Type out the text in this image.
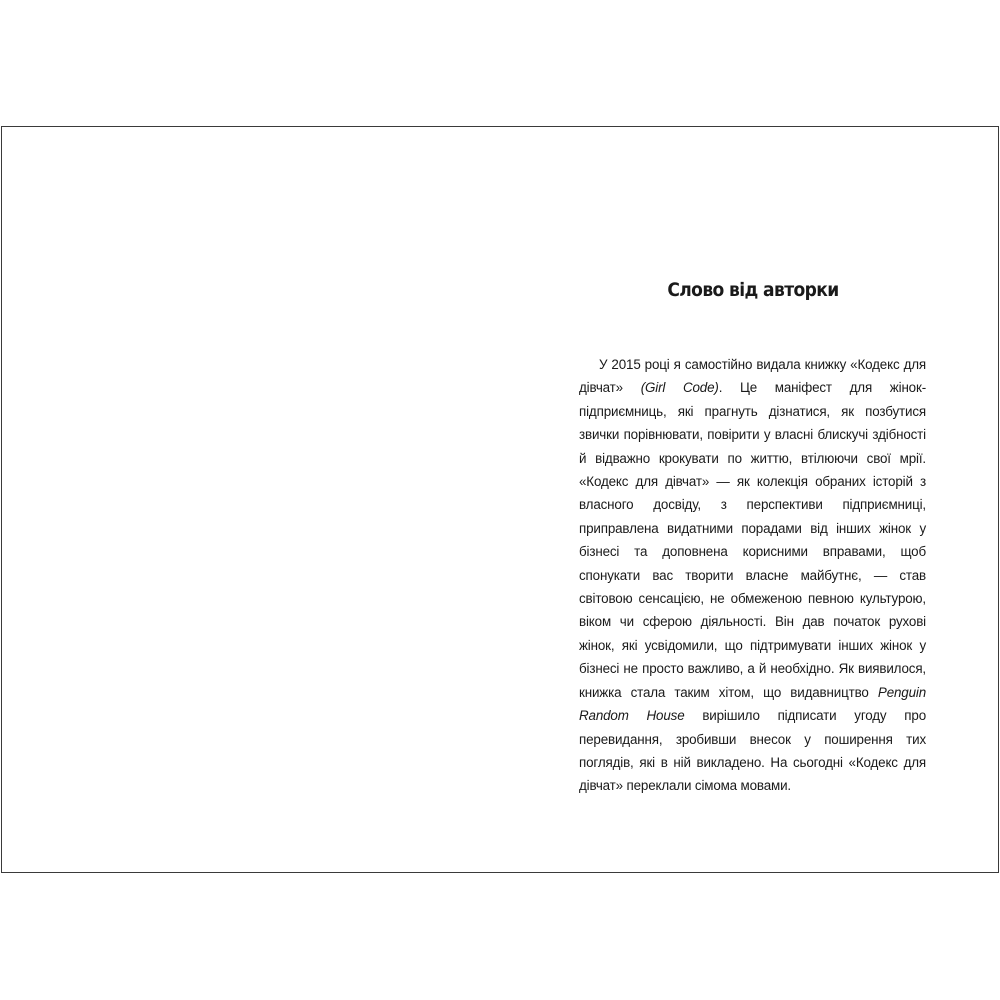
Слово від авторки

У 2015 році я самостійно видала книжку «Кодекс для дівчат» (Girl Code). Це маніфест для жінок-підприємниць, які прагнуть дізнатися, як позбутися звички порівнювати, повірити у власні блискучі здібності й відважно крокувати по життю, втілюючи свої мрії. «Кодекс для дівчат» — як колекція обраних історій з власного досвіду, з перспективи підприємниці, приправлена видатними порадами від інших жінок у бізнесі та доповнена корисними вправами, щоб спонукати вас творити власне майбутнє, — став світовою сенсацією, не обмеженою певною культурою, віком чи сферою діяльності. Він дав початок руховi жінок, які усвідомили, що підтримувати інших жінок у бізнесі не просто важливо, а й необхідно. Як виявилося, книжка стала таким хітом, що видавництво Penguin Random House вирішило підписати угоду про перевидання, зробивши внесок у поширення тих поглядів, які в ній викладено. На сьогодні «Кодекс для дівчат» переклали сімома мовами.
